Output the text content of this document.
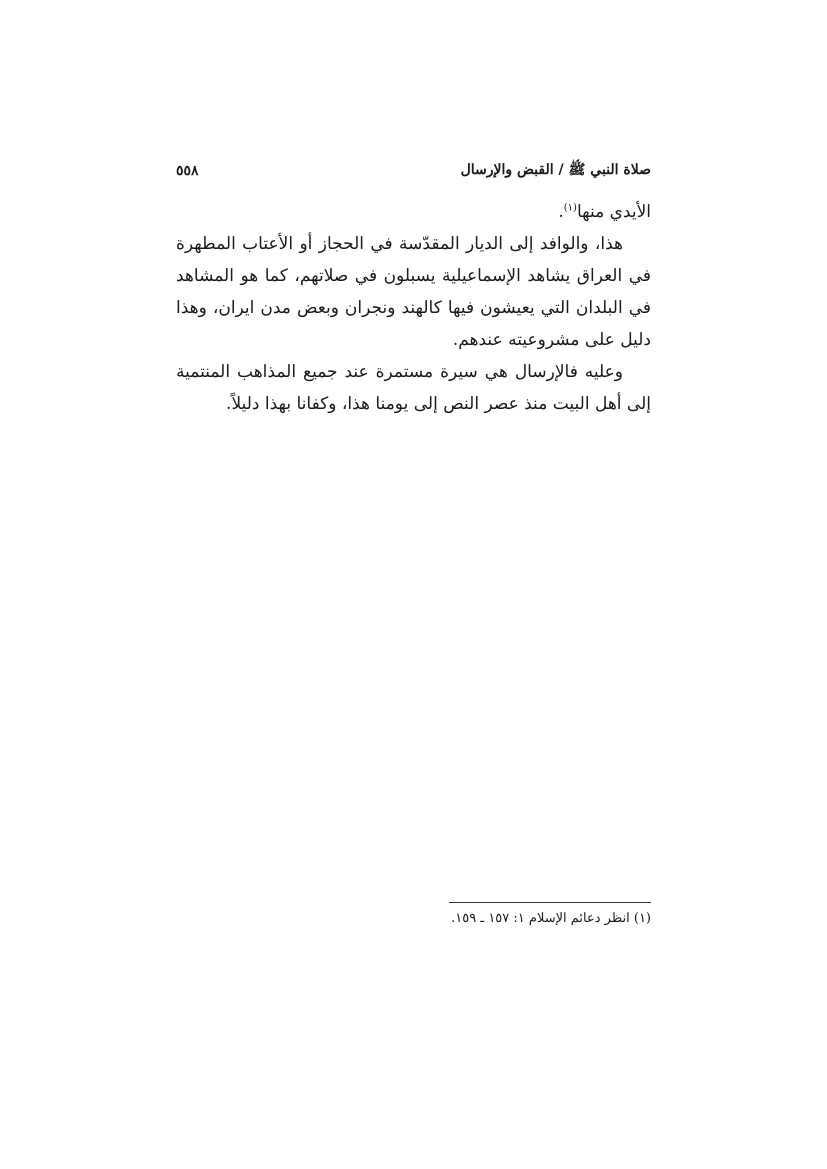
صلاة النبي ﷺ / القبض والإرسال
٥٥٨

الأيدي منها$^{(١)}$.

هذا، والوافد إلى الديار المقدّسة في الحجاز أو الأعتاب المطهرة في العراق يشاهد الإسماعيلية يسبلون في صلاتهم، كما هو المشاهد في البلدان التي يعيشون فيها كالهند ونجران وبعض مدن ايران، وهذا دليل على مشروعيته عندهم.

وعليه فالإرسال هي سيرة مستمرة عند جميع المذاهب المنتمية إلى أهل البيت منذ عصر النص إلى يومنا هذا، وكفانا بهذا دليلاً.

(١) انظر دعائم الإسلام ١: ١٥٧ ـ ١٥٩.
